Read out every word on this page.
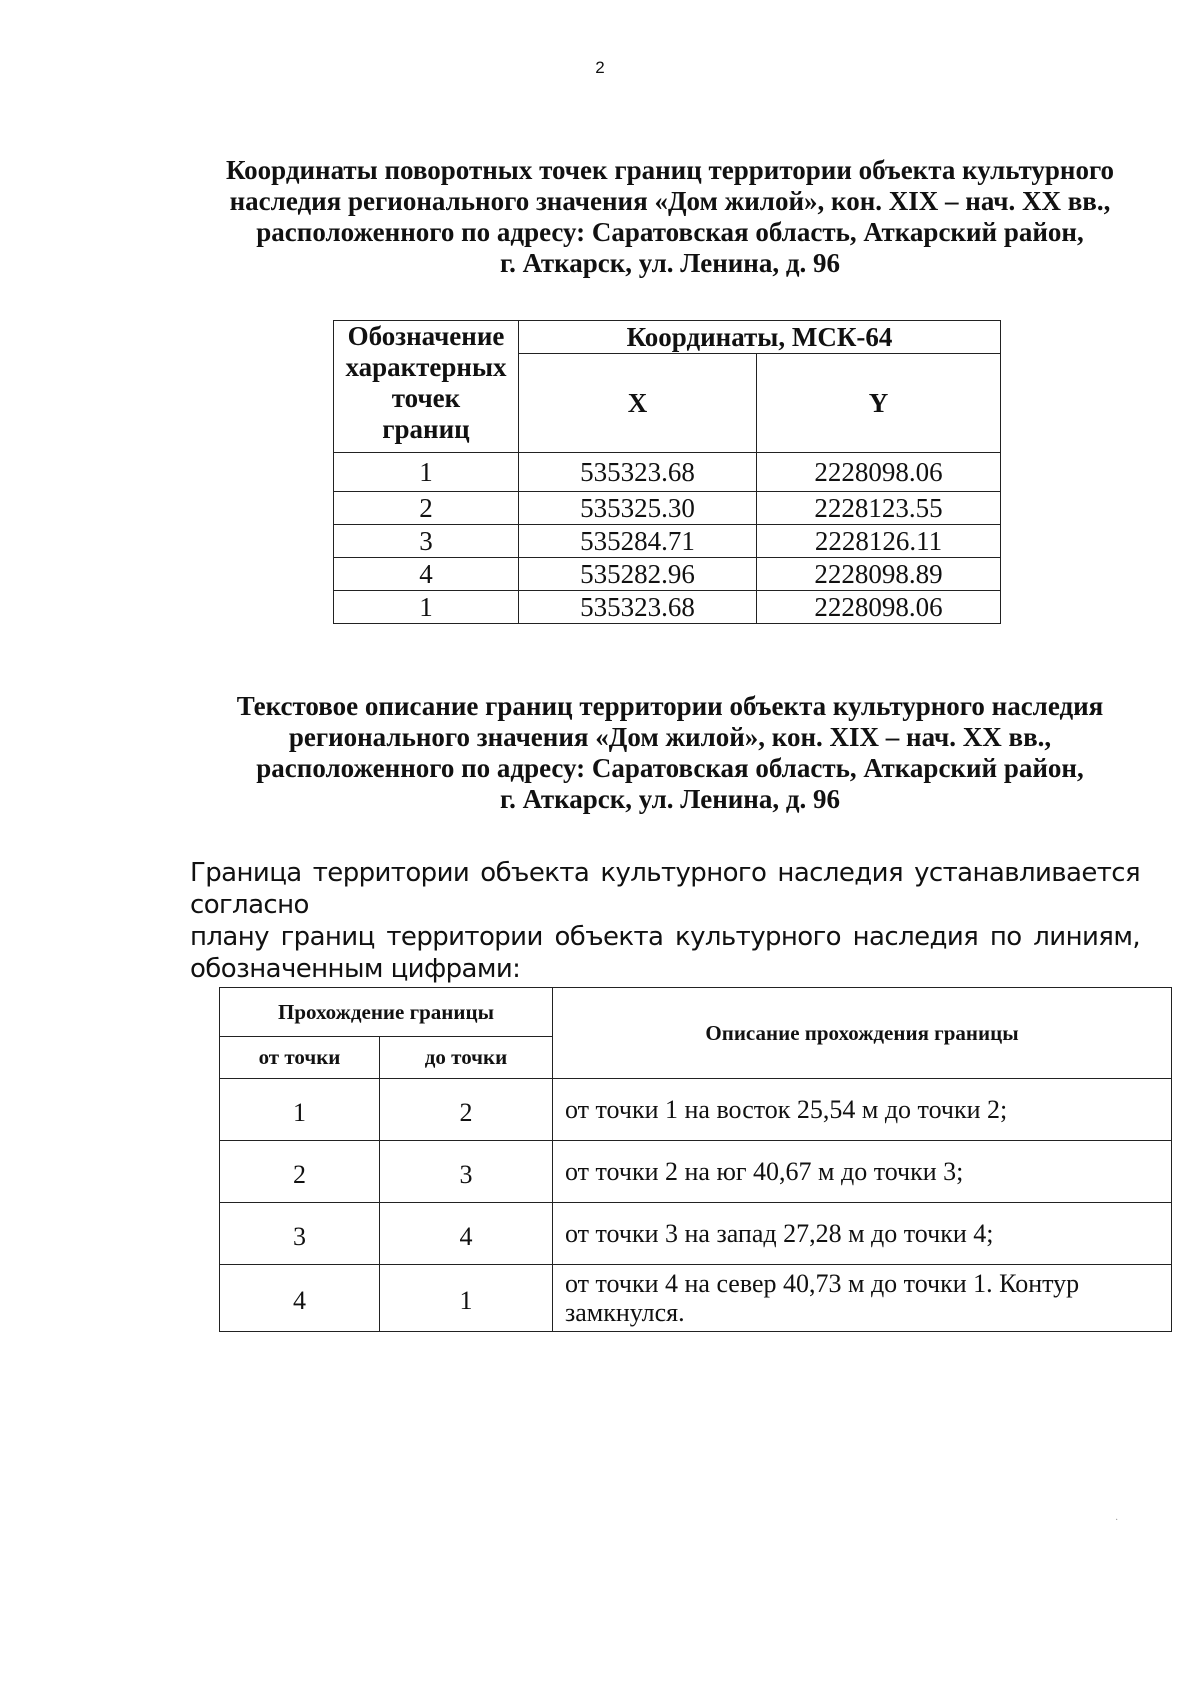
2
Координаты поворотных точек границ территории объекта культурного
наследия регионального значения «Дом жилой», кон. XIX – нач. XX вв.,
расположенного по адресу: Саратовская область, Аткарский район,
г. Аткарск, ул. Ленина, д. 96
Обозначение
характерных
точек
границ	Координаты, МСК-64	
	X	Y
1	535323.68	2228098.06
2	535325.30	2228123.55
3	535284.71	2228126.11
4	535282.96	2228098.89
1	535323.68	2228098.06
Текстовое описание границ территории объекта культурного наследия
регионального значения «Дом жилой», кон. XIX – нач. XX вв.,
расположенного по адресу: Саратовская область, Аткарский район,
г. Аткарск, ул. Ленина, д. 96
Граница территории объекта культурного наследия устанавливается согласно
плану границ территории объекта культурного наследия по линиям,
обозначенным цифрами:
Прохождение границы		Описание прохождения границы
от точки	до точки	
1	2	от точки 1 на восток 25,54 м до точки 2;
2	3	от точки 2 на юг 40,67 м до точки 3;
3	4	от точки 3 на запад 27,28 м до точки 4;
4	1	от точки 4 на север 40,73 м до точки 1. Контур замкнулся.
·
